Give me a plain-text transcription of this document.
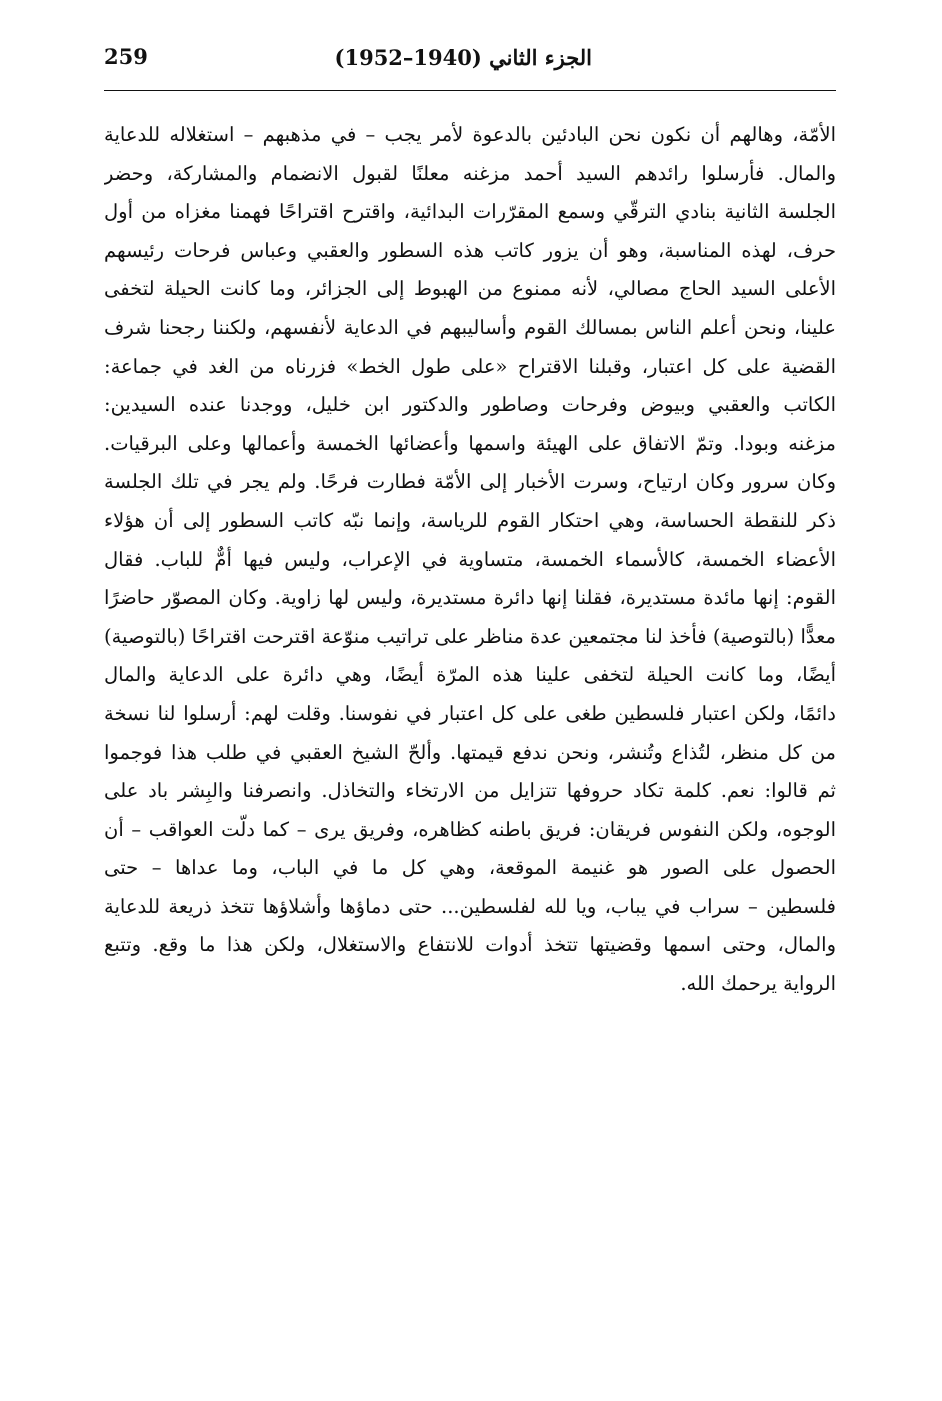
259	الجزء الثاني (1940–1952)
الأمّة، وهالهم أن نكون نحن البادئين بالدعوة لأمر يجب – في مذهبهم – استغلاله للدعاية
والمال. فأرسلوا رائدهم السيد أحمد مزغنه معلنًا لقبول الانضمام والمشاركة، وحضر
الجلسة الثانية بنادي الترقّي وسمع المقرّرات البدائية، واقترح اقتراحًا فهمنا مغزاه من أول
حرف، لهذه المناسبة، وهو أن يزور كاتب هذه السطور والعقبي وعباس فرحات رئيسهم
الأعلى السيد الحاج مصالي، لأنه ممنوع من الهبوط إلى الجزائر، وما كانت الحيلة لتخفى
علينا، ونحن أعلم الناس بمسالك القوم وأساليبهم في الدعاية لأنفسهم، ولكننا رجحنا شرف
القضية على كل اعتبار، وقبلنا الاقتراح «على طول الخط» فزرناه من الغد في جماعة:
الكاتب والعقبي وبيوض وفرحات وصاطور والدكتور ابن خليل، ووجدنا عنده السيدين:
مزغنه وبودا. وتمّ الاتفاق على الهيئة واسمها وأعضائها الخمسة وأعمالها وعلى البرقيات.
وكان سرور وكان ارتياح، وسرت الأخبار إلى الأمّة فطارت فرحًا. ولم يجر في تلك الجلسة
ذكر للنقطة الحساسة، وهي احتكار القوم للرياسة، وإنما نبّه كاتب السطور إلى أن هؤلاء
الأعضاء الخمسة، كالأسماء الخمسة، متساوية في الإعراب، وليس فيها أمٌّ للباب. فقال
القوم: إنها مائدة مستديرة، فقلنا إنها دائرة مستديرة، وليس لها زاوية. وكان المصوّر حاضرًا
معدًّا (بالتوصية) فأخذ لنا مجتمعين عدة مناظر على تراتيب منوّعة اقترحت اقتراحًا (بالتوصية)
أيضًا، وما كانت الحيلة لتخفى علينا هذه المرّة أيضًا، وهي دائرة على الدعاية والمال
دائمًا، ولكن اعتبار فلسطين طغى على كل اعتبار في نفوسنا. وقلت لهم: أرسلوا لنا نسخة
من كل منظر، لتُذاع وتُنشر، ونحن ندفع قيمتها. وألحّ الشيخ العقبي في طلب هذا فوجموا
ثم قالوا: نعم. كلمة تكاد حروفها تتزايل من الارتخاء والتخاذل. وانصرفنا والبِشر باد على
الوجوه، ولكن النفوس فريقان: فريق باطنه كظاهره، وفريق يرى – كما دلّت العواقب – أن
الحصول على الصور هو غنيمة الموقعة، وهي كل ما في الباب، وما عداها – حتى
فلسطين – سراب في يباب، ويا لله لفلسطين... حتى دماؤها وأشلاؤها تتخذ ذريعة للدعاية
والمال، وحتى اسمها وقضيتها تتخذ أدوات للانتفاع والاستغلال، ولكن هذا ما وقع. وتتبع
الرواية يرحمك الله.
